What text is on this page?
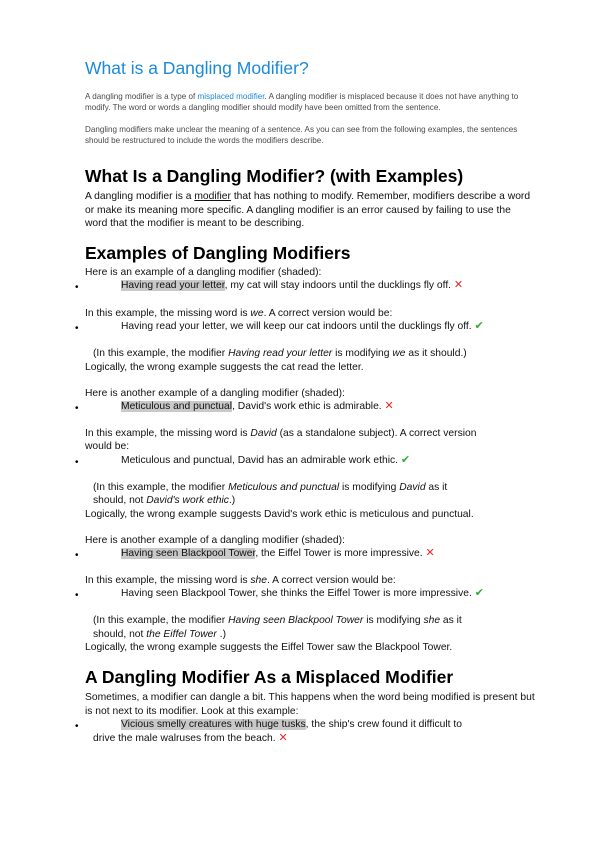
What is a Dangling Modifier?
A dangling modifier is a type of misplaced modifier. A dangling modifier is misplaced because it does not have anything to modify. The word or words a dangling modifier should modify have been omitted from the sentence.
Dangling modifiers make unclear the meaning of a sentence. As you can see from the following examples, the sentences should be restructured to include the words the modifiers describe.
What Is a Dangling Modifier? (with Examples)
A dangling modifier is a modifier that has nothing to modify. Remember, modifiers describe a word or make its meaning more specific. A dangling modifier is an error caused by failing to use the word that the modifier is meant to be describing.
Examples of Dangling Modifiers
Here is an example of a dangling modifier (shaded):
•	Having read your letter, my cat will stay indoors until the ducklings fly off. ✕
In this example, the missing word is we. A correct version would be:
•	Having read your letter, we will keep our cat indoors until the ducklings fly off. ✔
(In this example, the modifier Having read your letter is modifying we as it should.)
Logically, the wrong example suggests the cat read the letter.
Here is another example of a dangling modifier (shaded):
•	Meticulous and punctual, David's work ethic is admirable. ✕
In this example, the missing word is David (as a standalone subject). A correct version
would be:
•	Meticulous and punctual, David has an admirable work ethic. ✔
(In this example, the modifier Meticulous and punctual is modifying David as it
should, not David's work ethic.)
Logically, the wrong example suggests David's work ethic is meticulous and punctual.
Here is another example of a dangling modifier (shaded):
•	Having seen Blackpool Tower, the Eiffel Tower is more impressive. ✕
In this example, the missing word is she. A correct version would be:
•	Having seen Blackpool Tower, she thinks the Eiffel Tower is more impressive. ✔
(In this example, the modifier Having seen Blackpool Tower is modifying she as it
should, not the Eiffel Tower .)
Logically, the wrong example suggests the Eiffel Tower saw the Blackpool Tower.
A Dangling Modifier As a Misplaced Modifier
Sometimes, a modifier can dangle a bit. This happens when the word being modified is present but is not next to its modifier. Look at this example:
•	Vicious smelly creatures with huge tusks, the ship's crew found it difficult to
drive the male walruses from the beach. ✕
